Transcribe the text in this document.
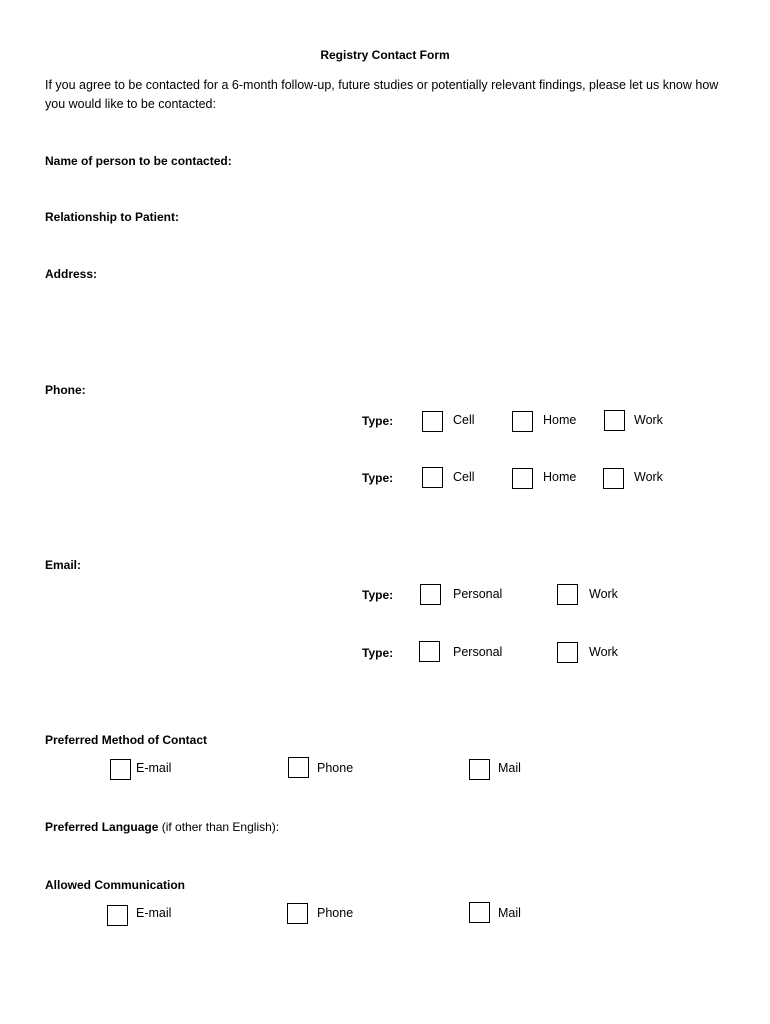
Registry Contact Form
If you agree to be contacted for a 6-month follow-up, future studies or potentially relevant findings, please let us know how you would like to be contacted:
Name of person to be contacted:
Relationship to Patient:
Address:
Phone:
Type:	Cell	Home	Work
Type:	Cell	Home	Work
Email:
Type:	Personal	Work
Type:	Personal	Work
Preferred Method of Contact
E-mail	Phone	Mail
Preferred Language (if other than English):
Allowed Communication
E-mail	Phone	Mail
